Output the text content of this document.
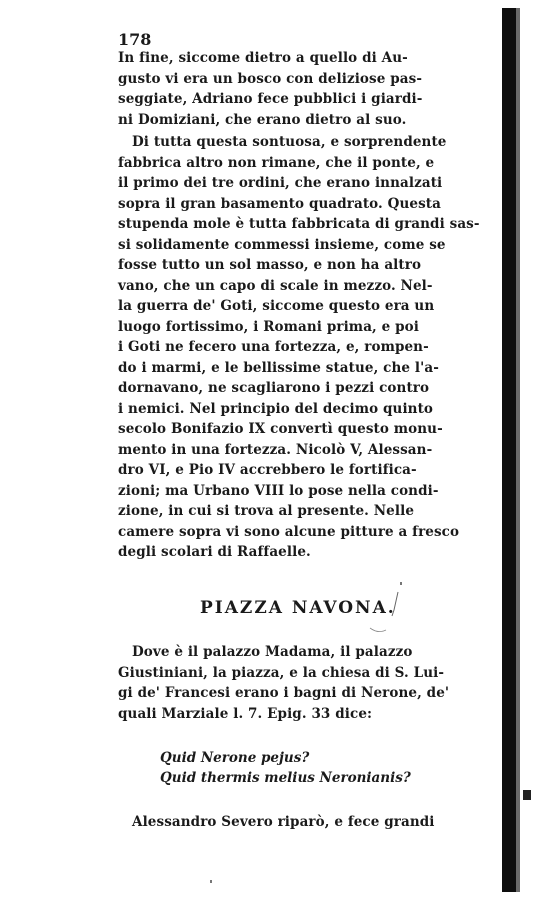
178
In fine, siccome dietro a quello di Au-
gusto vi era un bosco con deliziose pas-
seggiate, Adriano fece pubblici i giardi-
ni Domiziani, che erano dietro al suo.
Di tutta questa sontuosa, e sorprendente
fabbrica altro non rimane, che il ponte, e
il primo dei tre ordini, che erano innalzati
sopra il gran basamento quadrato. Questa
stupenda mole è tutta fabbricata di grandi sas-
si solidamente commessi insieme, come se
fosse tutto un sol masso, e non ha altro
vano, che un capo di scale in mezzo. Nel-
la guerra de' Goti, siccome questo era un
luogo fortissimo, i Romani prima, e poi
i Goti ne fecero una fortezza, e, rompen-
do i marmi, e le bellissime statue, che l'a-
dornavano, ne scagliarono i pezzi contro
i nemici. Nel principio del decimo quinto
secolo Bonifazio IX convertì questo monu-
mento in una fortezza. Nicolò V, Alessan-
dro VI, e Pio IV accrebbero le fortifica-
zioni; ma Urbano VIII lo pose nella condi-
zione, in cui si trova al presente. Nelle
camere sopra vi sono alcune pitture a fresco
degli scolari di Raffaelle.
PIAZZA NAVONA.
Dove è il palazzo Madama, il palazzo
Giustiniani, la piazza, e la chiesa di S. Lui-
gi de' Francesi erano i bagni di Nerone, de'
quali Marziale l. 7. Epig. 33 dice:
Quid Nerone pejus?
Quid thermis melius Neronianis?
Alessandro Severo riparò, e fece grandi
